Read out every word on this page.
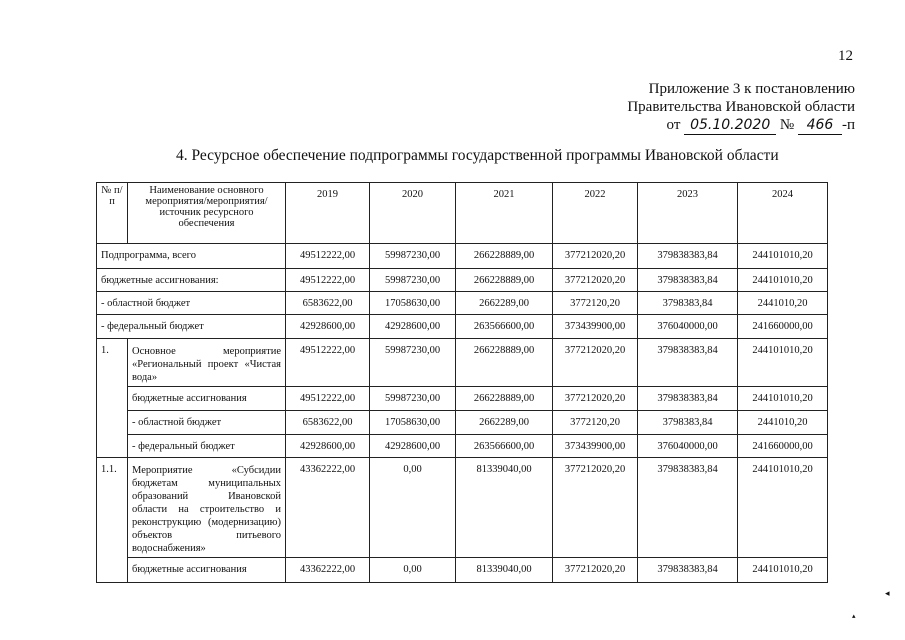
12
Приложение 3 к постановлению
Правительства Ивановской области
от 05.10.2020 № 466 -п
4. Ресурсное обеспечение подпрограммы государственной программы Ивановской области
№ п/п	Наименование основного мероприятия/мероприятия/ источник ресурсного обеспечения	2019	2020	2021	2022	2023	2024
Подпрограмма, всего		49512222,00	59987230,00	266228889,00	377212020,20	379838383,84	244101010,20
бюджетные ассигнования:		49512222,00	59987230,00	266228889,00	377212020,20	379838383,84	244101010,20
- областной бюджет		6583622,00	17058630,00	2662289,00	3772120,20	3798383,84	2441010,20
- федеральный бюджет		42928600,00	42928600,00	263566600,00	373439900,00	376040000,00	241660000,00
1.	Основное мероприятие «Региональный проект «Чистая вода»	49512222,00	59987230,00	266228889,00	377212020,20	379838383,84	244101010,20
	бюджетные ассигнования	49512222,00	59987230,00	266228889,00	377212020,20	379838383,84	244101010,20
	- областной бюджет	6583622,00	17058630,00	2662289,00	3772120,20	3798383,84	2441010,20
	- федеральный бюджет	42928600,00	42928600,00	263566600,00	373439900,00	376040000,00	241660000,00
1.1.	Мероприятие «Субсидии бюджетам муниципальных образований Ивановской области на строительство и реконструкцию (модернизацию) объектов питьевого водоснабжения»	43362222,00	0,00	81339040,00	377212020,20	379838383,84	244101010,20
	бюджетные ассигнования	43362222,00	0,00	81339040,00	377212020,20	379838383,84	244101010,20
◂
▴
